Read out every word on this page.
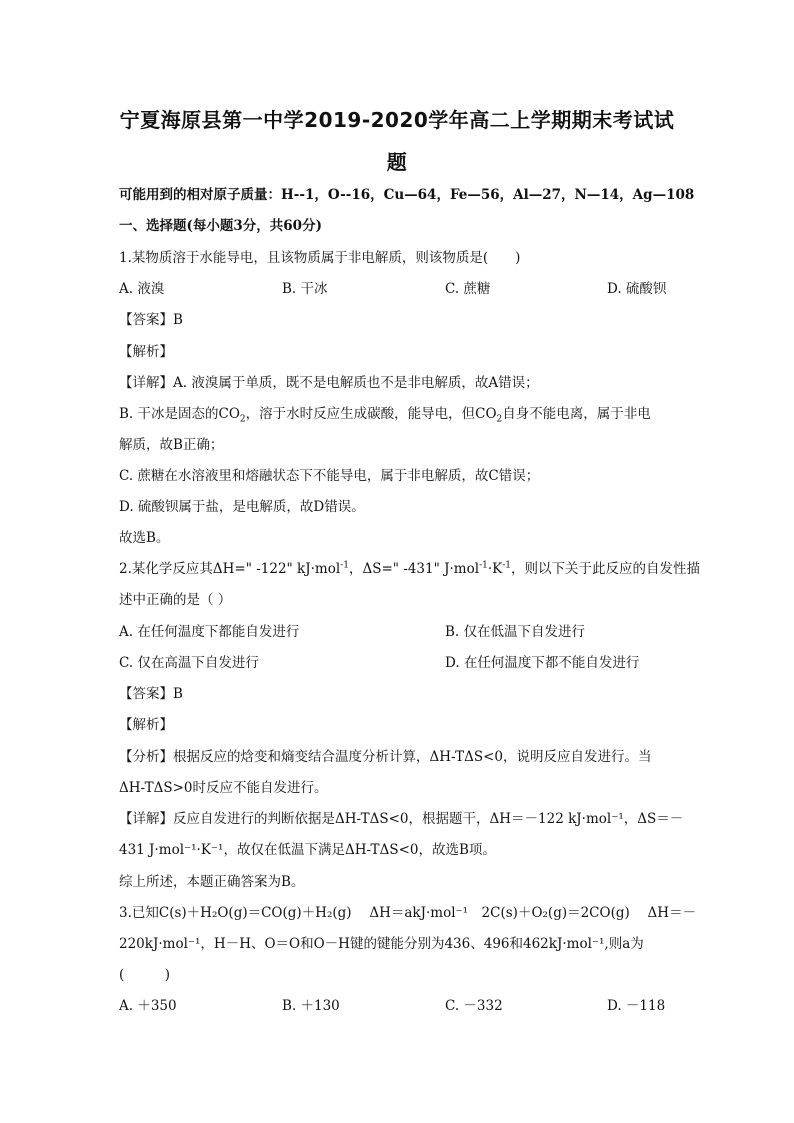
宁夏海原县第一中学2019-2020学年高二上学期期末考试试
题
可能用到的相对原子质量：H--1，O--16，Cu—64，Fe—56，Al—27，N—14，Ag—108
一、选择题(每小题3分，共60分)
1.某物质溶于水能导电，且该物质属于非电解质，则该物质是(　　)
A. 液溴	B. 干冰	C. 蔗糖	D. 硫酸钡
【答案】B
【解析】
【详解】A. 液溴属于单质，既不是电解质也不是非电解质，故A错误；
B. 干冰是固态的$CO_2$，溶于水时反应生成碳酸，能导电，但$CO_2$自身不能电离，属于非电
解质，故B正确；
C. 蔗糖在水溶液里和熔融状态下不能导电，属于非电解质，故C错误；
D. 硫酸钡属于盐，是电解质，故D错误。
故选B。
2.某化学反应其ΔH=" -122" kJ·mol$^{-1}$，ΔS=" -431" $J\cdot mol^{-1}\cdot K^{-1}$，则以下关于此反应的自发性描
述中正确的是（ ）
A. 在任何温度下都能自发进行	B. 仅在低温下自发进行
C. 仅在高温下自发进行	D. 在任何温度下都不能自发进行
【答案】B
【解析】
【分析】根据反应的焓变和熵变结合温度分析计算，ΔH-TΔS<0，说明反应自发进行。当
ΔH-TΔS>0时反应不能自发进行。
【详解】反应自发进行的判断依据是ΔH-TΔS<0，根据题干，ΔH＝－122 kJ·mol⁻¹，ΔS＝－
431 J·mol⁻¹·K⁻¹，故仅在低温下满足ΔH-TΔS<0，故选B项。
综上所述，本题正确答案为B。
3.已知C(s)＋H₂O(g)＝CO(g)＋H₂(g)　 ΔH＝akJ·mol⁻¹　2C(s)＋O₂(g)＝2CO(g)　 ΔH＝－
220kJ·mol⁻¹，H－H、O＝O和O－H键的键能分别为436、496和462kJ·mol⁻¹,则a为
(　　　)
A. ＋350	B. ＋130	C. －332	D. －118
